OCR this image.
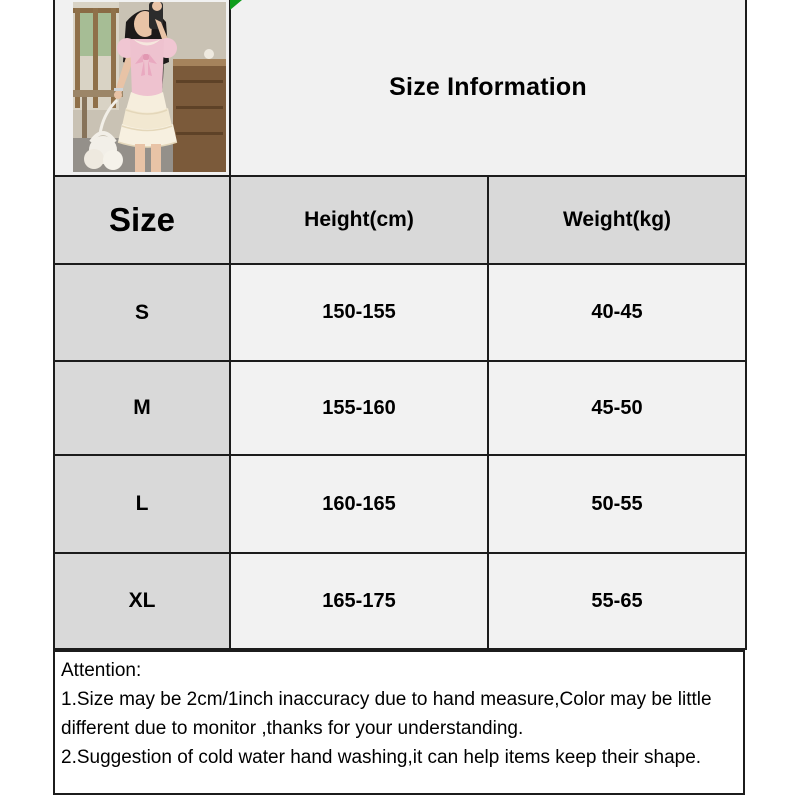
Size Information	
Size	Height(cm)	Weight(kg)
S	150-155	40-45
M	155-160	45-50
L	160-165	50-55
XL	165-175	55-65
Attention:
1.Size may be 2cm/1inch inaccuracy due to hand measure,Color may be little
different due to monitor ,thanks for your understanding.
2.Suggestion of cold water hand washing,it can help items keep their shape.
